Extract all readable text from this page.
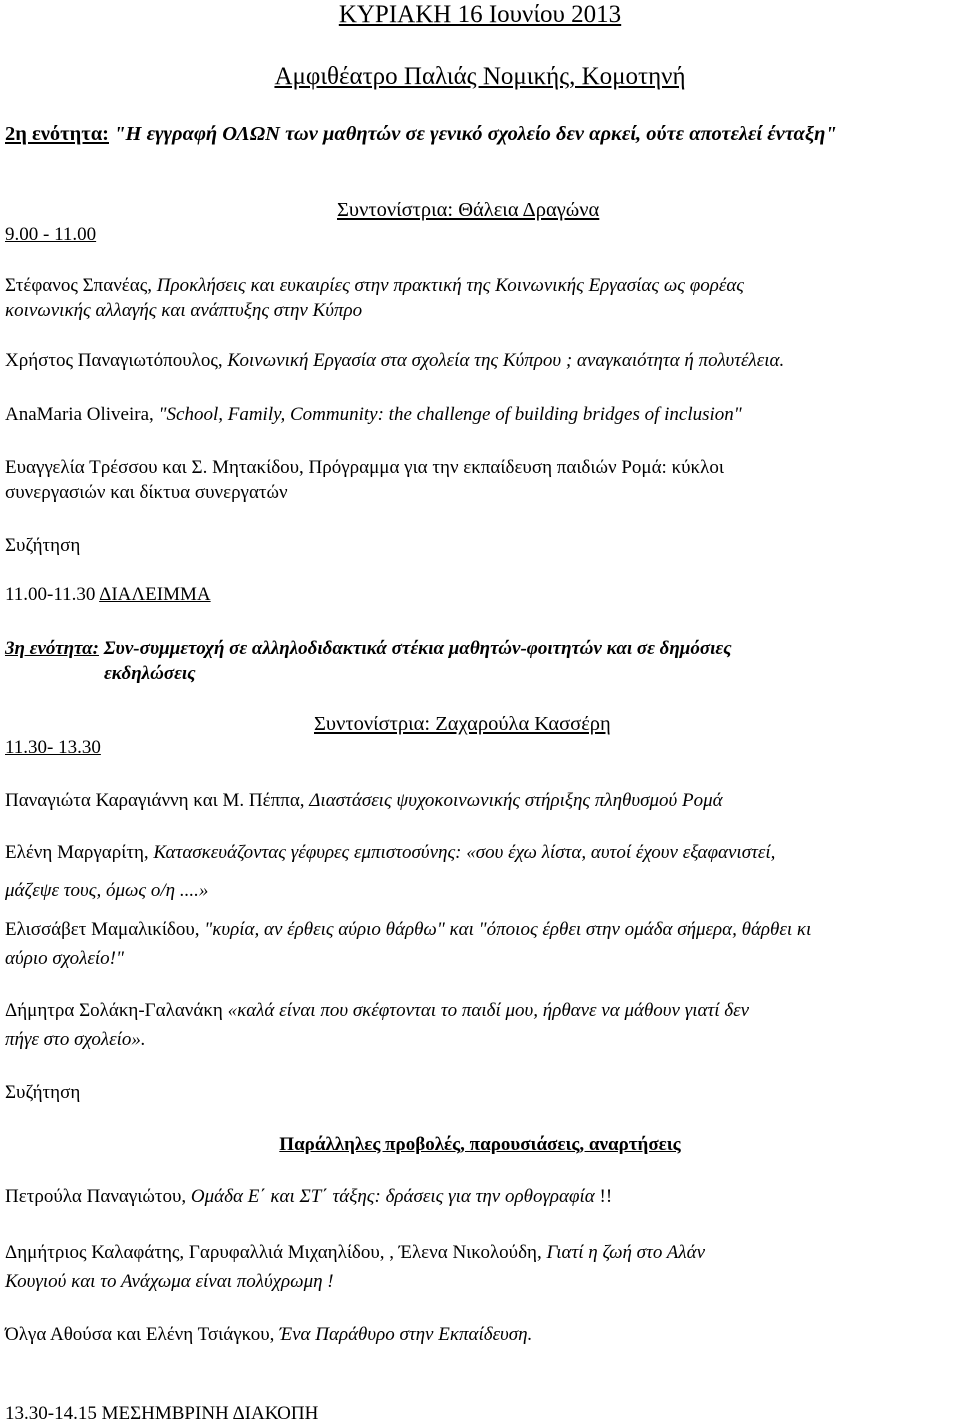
ΚΥΡΙΑΚΗ 16 Ιουνίου 2013
Αμφιθέατρο Παλιάς Νομικής, Κομοτηνή
2η ενότητα: "Η εγγραφή ΟΛΩΝ των μαθητών σε γενικό σχολείο δεν αρκεί, ούτε αποτελεί ένταξη"
Συντονίστρια: Θάλεια Δραγώνα
9.00 - 11.00
Στέφανος Σπανέας, Προκλήσεις και ευκαιρίες στην πρακτική της Κοινωνικής Εργασίας ως φορέας
κοινωνικής αλλαγής και ανάπτυξης στην Κύπρο
Χρήστος Παναγιωτόπουλος, Κοινωνική Εργασία στα σχολεία της Κύπρου ; αναγκαιότητα ή πολυτέλεια.
AnaMaria Oliveira, "School, Family, Community: the challenge of building bridges of inclusion"
Ευαγγελία Τρέσσου και Σ. Μητακίδου, Πρόγραμμα για την εκπαίδευση παιδιών Ρομά: κύκλοι
συνεργασιών και δίκτυα συνεργατών
Συζήτηση
11.00-11.30 ΔΙΑΛΕΙΜΜΑ
3η ενότητα: Συν-συμμετοχή σε αλληλοδιδακτικά στέκια μαθητών-φοιτητών και σε δημόσιες
εκδηλώσεις
Συντονίστρια: Ζαχαρούλα Κασσέρη
11.30- 13.30
Παναγιώτα Καραγιάννη και Μ. Πέππα, Διαστάσεις ψυχοκοινωνικής στήριξης πληθυσμού Ρομά
Ελένη Μαργαρίτη, Κατασκευάζοντας γέφυρες εμπιστοσύνης: «σου έχω λίστα, αυτοί έχουν εξαφανιστεί,
μάζεψε τους, όμως ο/η ....»
Ελισσάβετ Μαμαλικίδου, "κυρία, αν έρθεις αύριο θάρθω" και "όποιος έρθει στην ομάδα σήμερα, θάρθει κι
αύριο σχολείο!"
Δήμητρα Σολάκη-Γαλανάκη «καλά είναι που σκέφτονται το παιδί μου, ήρθανε να μάθουν γιατί δεν
πήγε στο σχολείο».
Συζήτηση
Παράλληλες προβολές, παρουσιάσεις, αναρτήσεις
Πετρούλα Παναγιώτου, Ομάδα Ε΄ και ΣΤ΄ τάξης: δράσεις για την ορθογραφία !!
Δημήτριος Καλαφάτης, Γαρυφαλλιά Μιχαηλίδου, , Έλενα Νικολούδη, Γιατί η ζωή στο Αλάν
Κουγιού και το Ανάχωμα είναι πολύχρωμη !
Όλγα Αθούσα και Ελένη Τσιάγκου, Ένα Παράθυρο στην Εκπαίδευση.
13.30-14.15 ΜΕΣΗΜΒΡΙΝΗ ΔΙΑΚΟΠΗ
